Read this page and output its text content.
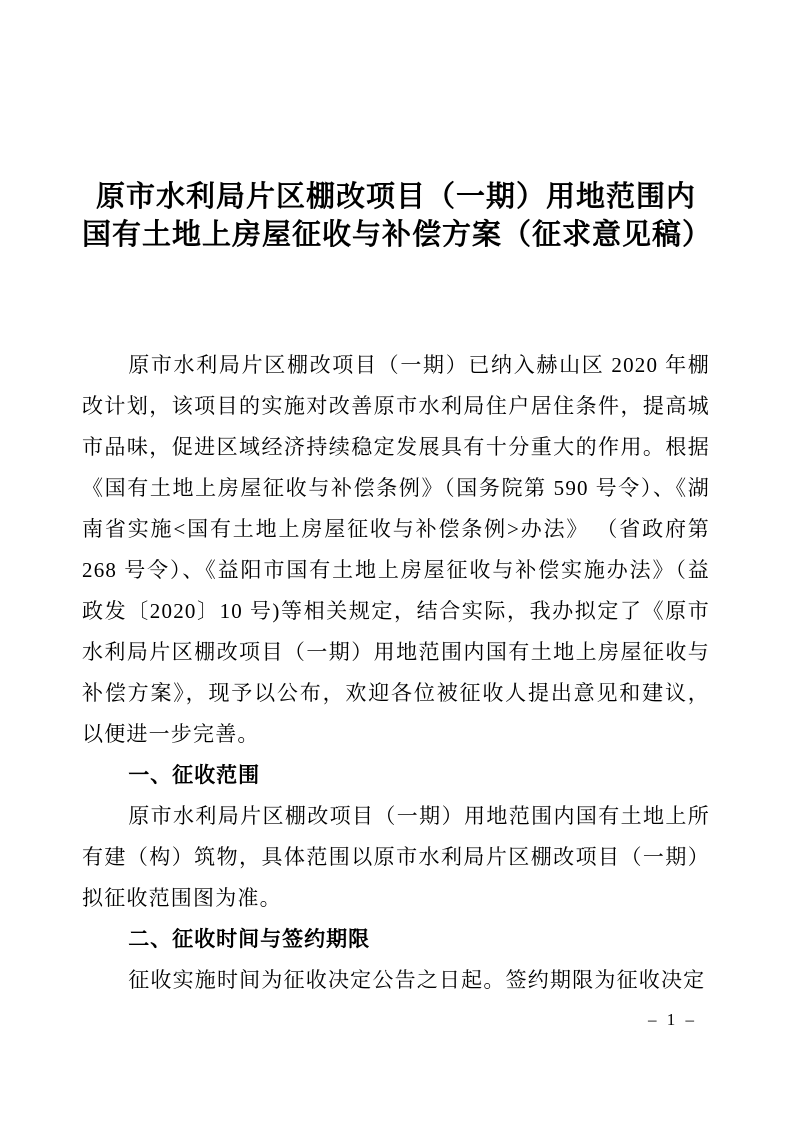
原市水利局片区棚改项目（一期）用地范围内
国有土地上房屋征收与补偿方案（征求意见稿）

原市水利局片区棚改项目（一期）已纳入赫山区 2020 年棚改计划，该项目的实施对改善原市水利局住户居住条件，提高城市品味，促进区域经济持续稳定发展具有十分重大的作用。根据《国有土地上房屋征收与补偿条例》（国务院第 590 号令）、《湖南省实施<国有土地上房屋征收与补偿条例>办法》 （省政府第 268 号令）、《益阳市国有土地上房屋征收与补偿实施办法》（益政发〔2020〕10 号)等相关规定，结合实际，我办拟定了《原市水利局片区棚改项目（一期）用地范围内国有土地上房屋征收与补偿方案》，现予以公布，欢迎各位被征收人提出意见和建议，以便进一步完善。

一、征收范围

原市水利局片区棚改项目（一期）用地范围内国有土地上所有建（构）筑物，具体范围以原市水利局片区棚改项目（一期）拟征收范围图为准。

二、征收时间与签约期限

征收实施时间为征收决定公告之日起。签约期限为征收决定

– 1 –
